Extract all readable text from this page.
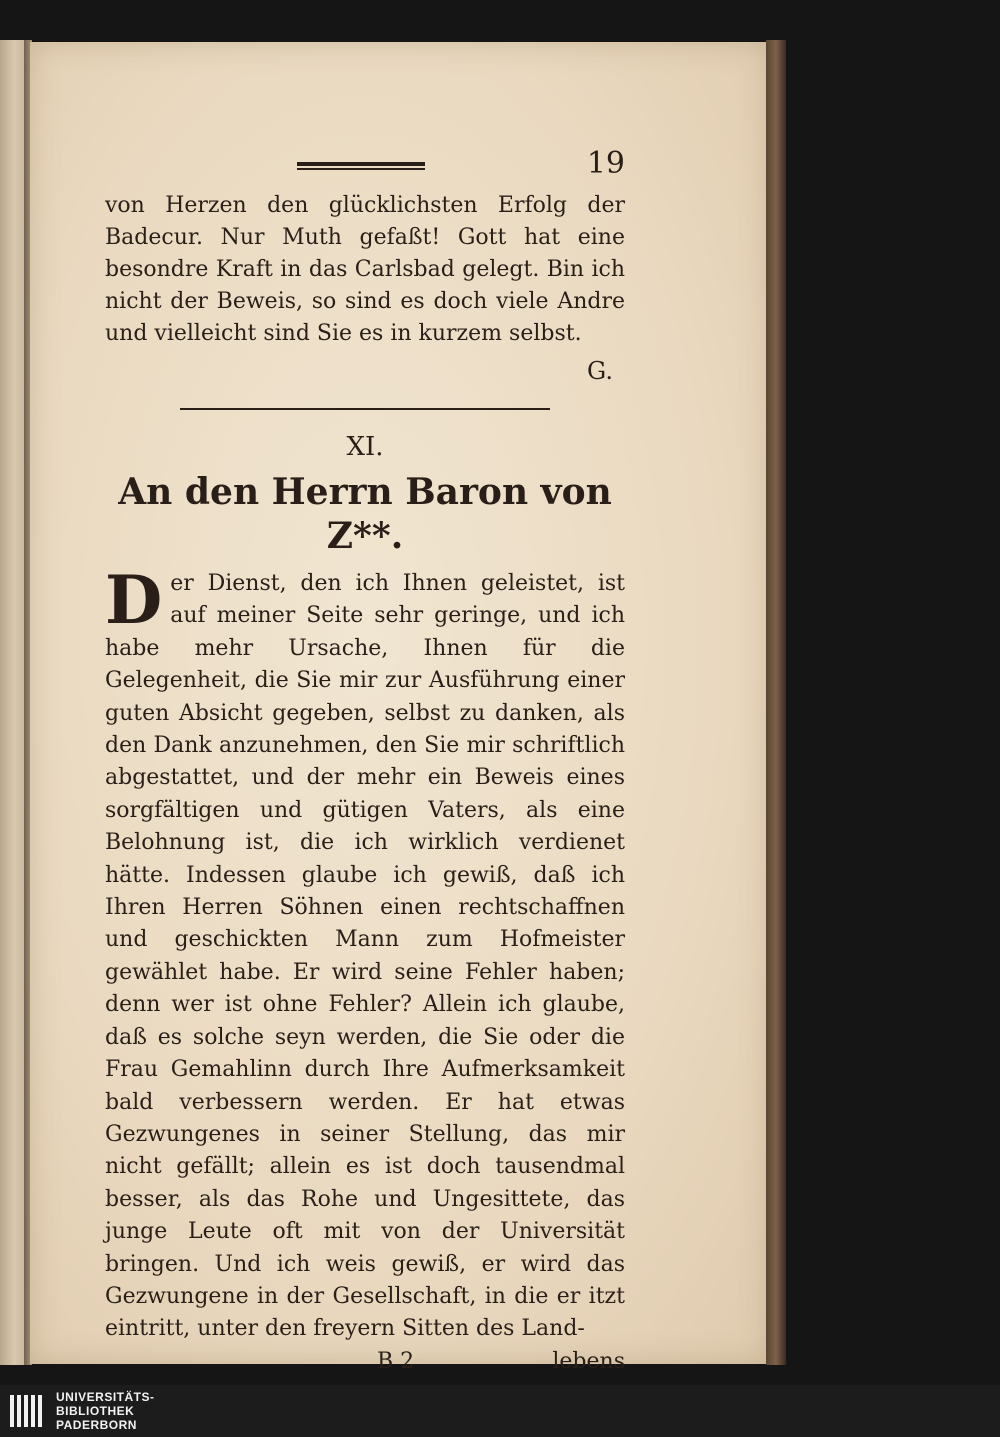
19

von Herzen den glücklichsten Erfolg der Badecur. Nur Muth gefaßt! Gott hat eine besondre Kraft in das Carlsbad gelegt. Bin ich nicht der Beweis, so sind es doch viele Andre und vielleicht sind Sie es in kurzem selbst.

G.
XI.
An den Herrn Baron von Z**.

Der Dienst, den ich Ihnen geleistet, ist auf meiner Seite sehr geringe, und ich habe mehr Ursache, Ihnen für die Gelegenheit, die Sie mir zur Ausführung einer guten Absicht gegeben, selbst zu danken, als den Dank anzunehmen, den Sie mir schriftlich abgestattet, und der mehr ein Beweis eines sorgfältigen und gütigen Vaters, als eine Belohnung ist, die ich wirklich verdienet hätte. Indessen glaube ich gewiß, daß ich Ihren Herren Söhnen einen rechtschaffnen und geschickten Mann zum Hofmeister gewählet habe. Er wird seine Fehler haben; denn wer ist ohne Fehler? Allein ich glaube, daß es solche seyn werden, die Sie oder die Frau Gemahlinn durch Ihre Aufmerksamkeit bald verbessern werden. Er hat etwas Gezwungenes in seiner Stellung, das mir nicht gefällt; allein es ist doch tausendmal besser, als das Rohe und Ungesittete, das junge Leute oft mit von der Universität bringen. Und ich weis gewiß, er wird das Gezwungene in der Gesellschaft, in die er itzt eintritt, unter den freyern Sitten des Land-

B 2	lebens
UNIVERSITÄTS-
BIBLIOTHEK
PADERBORN
